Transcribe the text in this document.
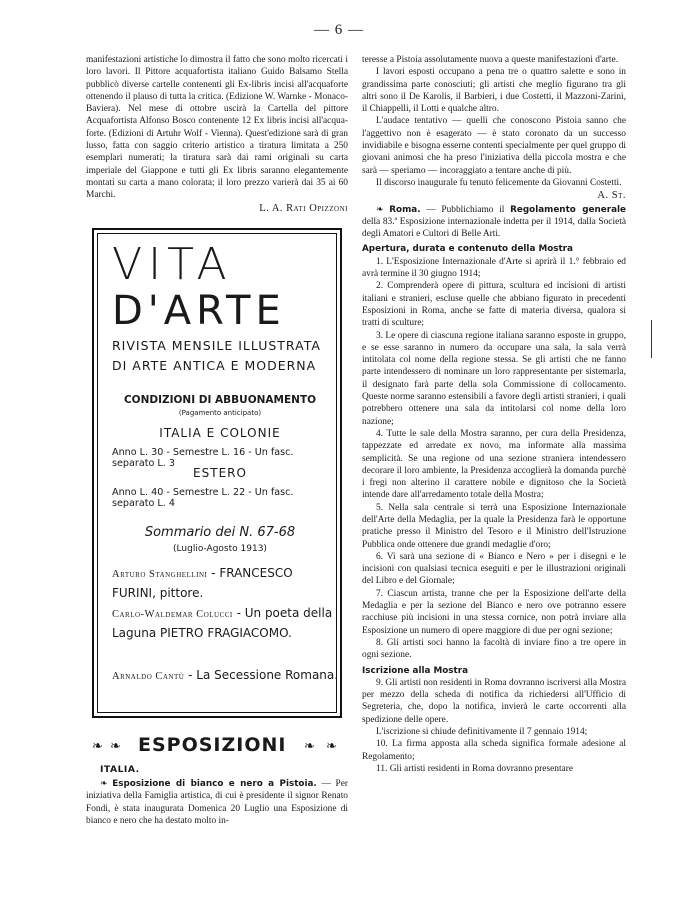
— 6 —

manifestazioni artistiche lo dimostra il fatto che sono molto ricercati i loro lavori. Il Pittore acquafortista italiano Guido Balsamo Stella pubblicò diverse cartelle contenenti gli Ex-libris incisi all'acquaforte ottenendo il plauso di tutta la critica. (Edizione W. Warnke - Monaco-Baviera). Nel mese di ottobre uscirà la Cartella del pittore Acquafortista Alfonso Bosco contenente 12 Ex libris incisi all'acqua-forte. (Edizioni di Artuhr Wolf - Vienna). Quest'edizione sarà di gran lusso, fatta con saggio criterio artistico a tiratura limitata a 250 esemplari numerati; la tiratura sarà dai rami originali su carta imperiale del Giappone e tutti gli Ex libris saranno elegantemente montati su carta a mano colorata; il loro prezzo varierà dai 35 ai 60 Marchi.

L. A. Rati Opizzoni

VITA
D'ARTE
RIVISTA MENSILE ILLUSTRATA
DI ARTE ANTICA E MODERNA
CONDIZIONI DI ABBUONAMENTO
(Pagamento anticipato)
ITALIA E COLONIE
Anno L. 30 - Semestre L. 16 - Un fasc. separato L. 3
ESTERO
Anno L. 40 - Semestre L. 22 - Un fasc. separato L. 4
Sommario dei N. 67-68
(Luglio-Agosto 1913)
Arturo Stanghellini - FRANCESCO FURINI, pittore.
Carlo-Waldemar Colucci - Un poeta della Laguna PIETRO FRAGIACOMO.
Arnaldo Cantù - La Secessione Romana.
❧ ❧ ESPOSIZIONI ❧ ❧
ITALIA.

❧ Esposizione di bianco e nero a Pistoia. — Per iniziativa della Famiglia artistica, di cui è presidente il signor Renato Fondi, è stata inaugurata Domenica 20 Luglio una Esposizione di bianco e nero che ha destato molto in-

teresse a Pistoia assolutamente nuova a queste manifestazioni d'arte.

I lavori esposti occupano a pena tre o quattro salette e sono in grandissima parte conosciuti; gli artisti che meglio figurano tra gli altri sono il De Karolis, il Barbieri, i due Costetti, il Mazzoni-Zarini, il Chiappelli, il Lotti e qualche altro.

L'audace tentativo — quelli che conoscono Pistoia sanno che l'aggettivo non è esagerato — è stato coronato da un successo invidiabile e bisogna esserne contenti specialmente per quel gruppo di giovani animosi che ha preso l'iniziativa della piccola mostra e che sarà — speriamo — incoraggiato a tentare anche di più.

Il discorso inaugurale fu tenuto felicemente da Giovanni Costetti.

A. St.

❧ Roma. — Pubblichiamo il Regolamento generale della 83.ª Esposizione internazionale indetta per il 1914, dalla Società degli Amatori e Cultori di Belle Arti.

Apertura, durata e contenuto della Mostra

1. L'Esposizione Internazionale d'Arte si aprirà il 1.° febbraio ed avrà termine il 30 giugno 1914;

2. Comprenderà opere di pittura, scultura ed incisioni di artisti italiani e stranieri, escluse quelle che abbiano figurato in precedenti Esposizioni in Roma, anche se fatte di materia diversa, qualora si tratti di sculture;

3. Le opere di ciascuna regione italiana saranno esposte in gruppo, e se esse saranno in numero da occupare una sala, la sala verrà intitolata col nome della regione stessa. Se gli artisti che ne fanno parte intendessero di nominare un loro rappresentante per sistemarla, il designato farà parte della sola Commissione di collocamento. Queste norme saranno estensibili a favore degli artisti stranieri, i quali potrebbero ottenere una sala da intitolarsi col nome della loro nazione;

4. Tutte le sale della Mostra saranno, per cura della Presidenza, tappezzate ed arredate ex novo, ma informate alla massima semplicità. Se una regione od una sezione straniera intendessero decorare il loro ambiente, la Presidenza accoglierà la domanda purchè i fregi non alterino il carattere nobile e dignitoso che la Società intende dare all'arredamento totale della Mostra;

5. Nella sala centrale si terrà una Esposizione Internazionale dell'Arte della Medaglia, per la quale la Presidenza farà le opportune pratiche presso il Ministro del Tesoro e il Ministro dell'Istruzione Pubblica onde ottenere due grandi medaglie d'oro;

6. Vi sarà una sezione di « Bianco e Nero » per i disegni e le incisioni con qualsiasi tecnica eseguiti e per le illustrazioni originali del Libro e del Giornale;

7. Ciascun artista, tranne che per la Esposizione dell'arte della Medaglia e per la sezione del Bianco e nero ove potranno essere racchiuse più incisioni in una stessa cornice, non potrà inviare alla Esposizione un numero di opere maggiore di due per ogni sezione;

8. Gli artisti soci hanno la facoltà di inviare fino a tre opere in ogni sezione.

Iscrizione alla Mostra

9. Gli artisti non residenti in Roma dovranno iscriversi alla Mostra per mezzo della scheda di notifica da richiedersi all'Ufficio di Segreteria, che, dopo la notifica, invierà le carte occorrenti alla spedizione delle opere.

L'iscrizione si chiude definitivamente il 7 gennaio 1914;

10. La firma apposta alla scheda significa formale adesione al Regolamento;

11. Gli artisti residenti in Roma dovranno presentare
